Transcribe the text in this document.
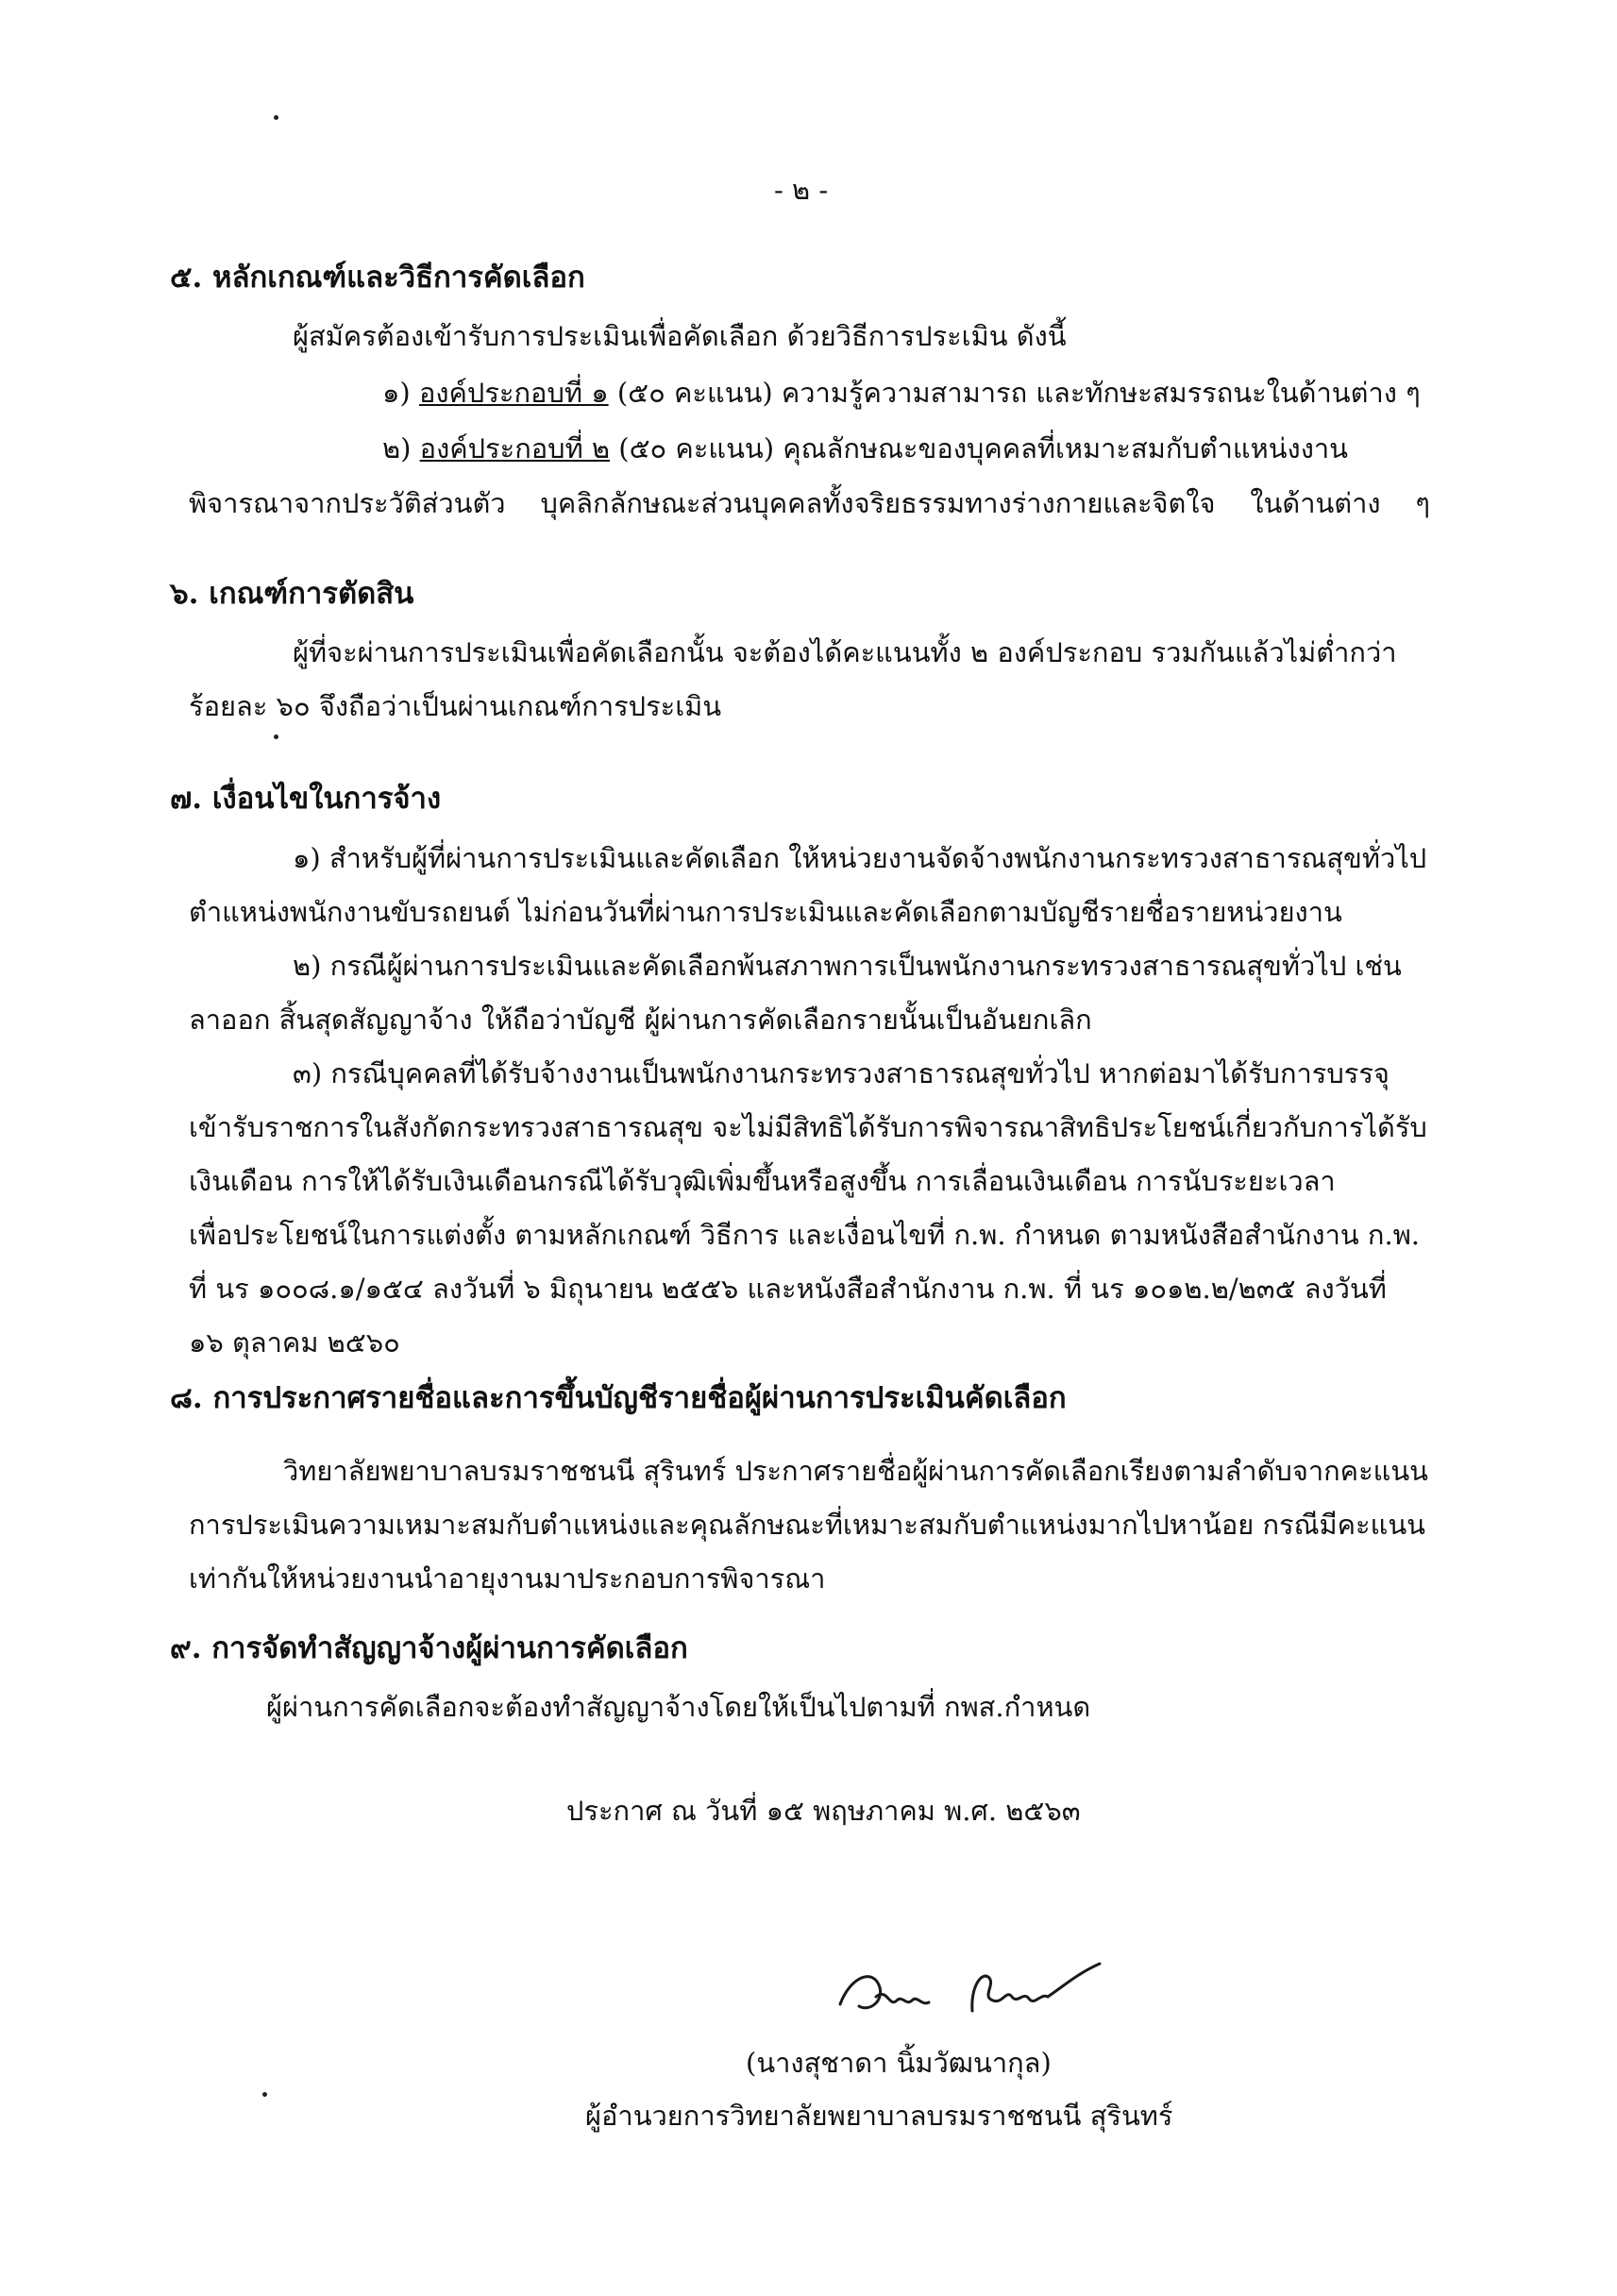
- ๒ -
๕. หลักเกณฑ์และวิธีการคัดเลือก
ผู้สมัครต้องเข้ารับการประเมินเพื่อคัดเลือก ด้วยวิธีการประเมิน ดังนี้
๑) องค์ประกอบที่ ๑ (๕๐ คะแนน) ความรู้ความสามารถ และทักษะสมรรถนะในด้านต่าง ๆ
๒) องค์ประกอบที่ ๒ (๕๐ คะแนน) คุณลักษณะของบุคคลที่เหมาะสมกับตำแหน่งงาน
พิจารณาจากประวัติส่วนตัว บุคลิกลักษณะส่วนบุคคลทั้งจริยธรรมทางร่างกายและจิตใจ ในด้านต่าง ๆ
๖. เกณฑ์การตัดสิน
ผู้ที่จะผ่านการประเมินเพื่อคัดเลือกนั้น จะต้องได้คะแนนทั้ง ๒ องค์ประกอบ รวมกันแล้วไม่ต่ำกว่า
ร้อยละ ๖๐ จึงถือว่าเป็นผ่านเกณฑ์การประเมิน
๗. เงื่อนไขในการจ้าง
๑) สำหรับผู้ที่ผ่านการประเมินและคัดเลือก ให้หน่วยงานจัดจ้างพนักงานกระทรวงสาธารณสุขทั่วไป
ตำแหน่งพนักงานขับรถยนต์ ไม่ก่อนวันที่ผ่านการประเมินและคัดเลือกตามบัญชีรายชื่อรายหน่วยงาน
๒) กรณีผู้ผ่านการประเมินและคัดเลือกพ้นสภาพการเป็นพนักงานกระทรวงสาธารณสุขทั่วไป เช่น
ลาออก สิ้นสุดสัญญาจ้าง ให้ถือว่าบัญชี ผู้ผ่านการคัดเลือกรายนั้นเป็นอันยกเลิก
๓) กรณีบุคคลที่ได้รับจ้างงานเป็นพนักงานกระทรวงสาธารณสุขทั่วไป หากต่อมาได้รับการบรรจุ
เข้ารับราชการในสังกัดกระทรวงสาธารณสุข จะไม่มีสิทธิได้รับการพิจารณาสิทธิประโยชน์เกี่ยวกับการได้รับ
เงินเดือน การให้ได้รับเงินเดือนกรณีได้รับวุฒิเพิ่มขึ้นหรือสูงขึ้น การเลื่อนเงินเดือน การนับระยะเวลา
เพื่อประโยชน์ในการแต่งตั้ง ตามหลักเกณฑ์ วิธีการ และเงื่อนไขที่ ก.พ. กำหนด ตามหนังสือสำนักงาน ก.พ.
ที่ นร ๑๐๐๘.๑/๑๕๔ ลงวันที่ ๖ มิถุนายน ๒๕๕๖ และหนังสือสำนักงาน ก.พ. ที่ นร ๑๐๑๒.๒/๒๓๕ ลงวันที่
๑๖ ตุลาคม ๒๕๖๐
๘. การประกาศรายชื่อและการขึ้นบัญชีรายชื่อผู้ผ่านการประเมินคัดเลือก
วิทยาลัยพยาบาลบรมราชชนนี สุรินทร์ ประกาศรายชื่อผู้ผ่านการคัดเลือกเรียงตามลำดับจากคะแนน
การประเมินความเหมาะสมกับตำแหน่งและคุณลักษณะที่เหมาะสมกับตำแหน่งมากไปหาน้อย กรณีมีคะแนน
เท่ากันให้หน่วยงานนำอายุงานมาประกอบการพิจารณา
๙. การจัดทำสัญญาจ้างผู้ผ่านการคัดเลือก
ผู้ผ่านการคัดเลือกจะต้องทำสัญญาจ้างโดยให้เป็นไปตามที่ กพส.กำหนด
ประกาศ ณ วันที่ ๑๕ พฤษภาคม พ.ศ. ๒๕๖๓
(นางสุชาดา นิ้มวัฒนากุล)
ผู้อำนวยการวิทยาลัยพยาบาลบรมราชชนนี สุรินทร์
